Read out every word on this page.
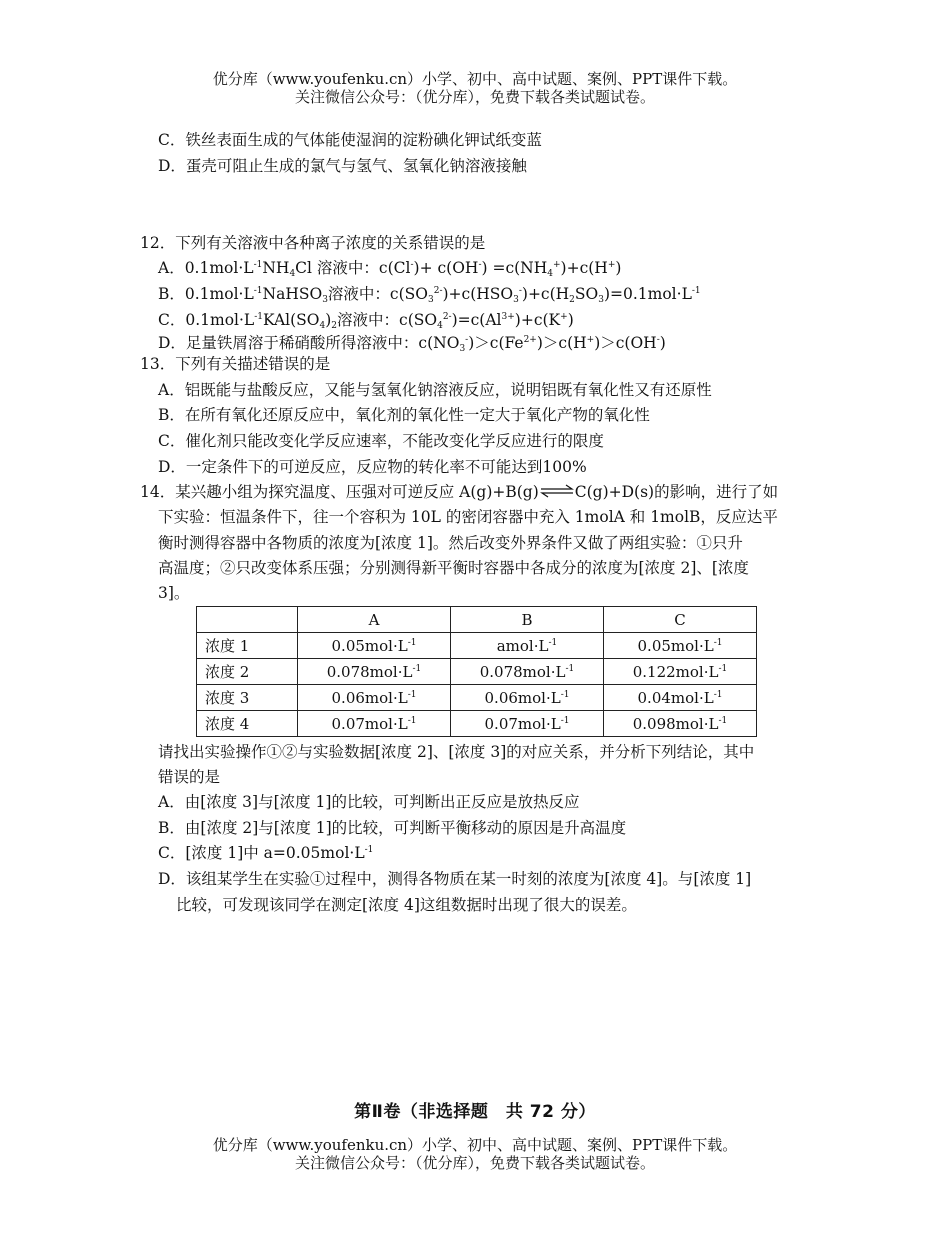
优分库（www.youfenku.cn）小学、初中、高中试题、案例、PPT课件下载。
关注微信公众号：（优分库），免费下载各类试题试卷。
C．铁丝表面生成的气体能使湿润的淀粉碘化钾试纸变蓝
D．蛋壳可阻止生成的氯气与氢气、氢氧化钠溶液接触
12．下列有关溶液中各种离子浓度的关系错误的是
A．$0.1mol\cdot L^{-1}NH_4Cl$ 溶液中：$c(Cl^-)+ c(OH^-) =c(NH_4^+)+c(H^+)$
B．$0.1mol\cdot L^{-1}NaHSO_3$溶液中：$c(SO_3^{2-})+c(HSO_3^-)+c(H_2SO_3)=0.1mol\cdot L^{-1}$
C．$0.1mol\cdot L^{-1}KAl(SO_4)_2$溶液中：$c(SO_4^{2-})=c(Al^{3+})+c(K^+)$
D．足量铁屑溶于稀硝酸所得溶液中：$c(NO_3^-)>c(Fe^{2+})>c(H^+)>c(OH^-)$
13．下列有关描述错误的是
A．铝既能与盐酸反应，又能与氢氧化钠溶液反应，说明铝既有氧化性又有还原性
B．在所有氧化还原反应中，氧化剂的氧化性一定大于氧化产物的氧化性
C．催化剂只能改变化学反应速率，不能改变化学反应进行的限度
D．一定条件下的可逆反应，反应物的转化率不可能达到100%
14．某兴趣小组为探究温度、压强对可逆反应 A(g)+B(g)⇌C(g)+D(s)的影响，进行了如
下实验：恒温条件下，往一个容积为 10L 的密闭容器中充入 1molA 和 1molB，反应达平
衡时测得容器中各物质的浓度为[浓度 1]。然后改变外界条件又做了两组实验：①只升
高温度；②只改变体系压强；分别测得新平衡时容器中各成分的浓度为[浓度 2]、[浓度
3]。
	A	B	C
浓度 1	$0.05mol\cdot L^{-1}$	$amol\cdot L^{-1}$	$0.05mol\cdot L^{-1}$
浓度 2	$0.078mol\cdot L^{-1}$	$0.078mol\cdot L^{-1}$	$0.122mol\cdot L^{-1}$
浓度 3	$0.06mol\cdot L^{-1}$	$0.06mol\cdot L^{-1}$	$0.04mol\cdot L^{-1}$
浓度 4	$0.07mol\cdot L^{-1}$	$0.07mol\cdot L^{-1}$	$0.098mol\cdot L^{-1}$
请找出实验操作①②与实验数据[浓度 2]、[浓度 3]的对应关系，并分析下列结论，其中
错误的是
A．由[浓度 3]与[浓度 1]的比较，可判断出正反应是放热反应
B．由[浓度 2]与[浓度 1]的比较，可判断平衡移动的原因是升高温度
C．[浓度 1]中 $a=0.05mol\cdot L^{-1}$
D．该组某学生在实验①过程中，测得各物质在某一时刻的浓度为[浓度 4]。与[浓度 1]
比较，可发现该同学在测定[浓度 4]这组数据时出现了很大的误差。
第Ⅱ卷（非选择题　共 72 分）
优分库（www.youfenku.cn）小学、初中、高中试题、案例、PPT课件下载。
关注微信公众号：（优分库），免费下载各类试题试卷。
